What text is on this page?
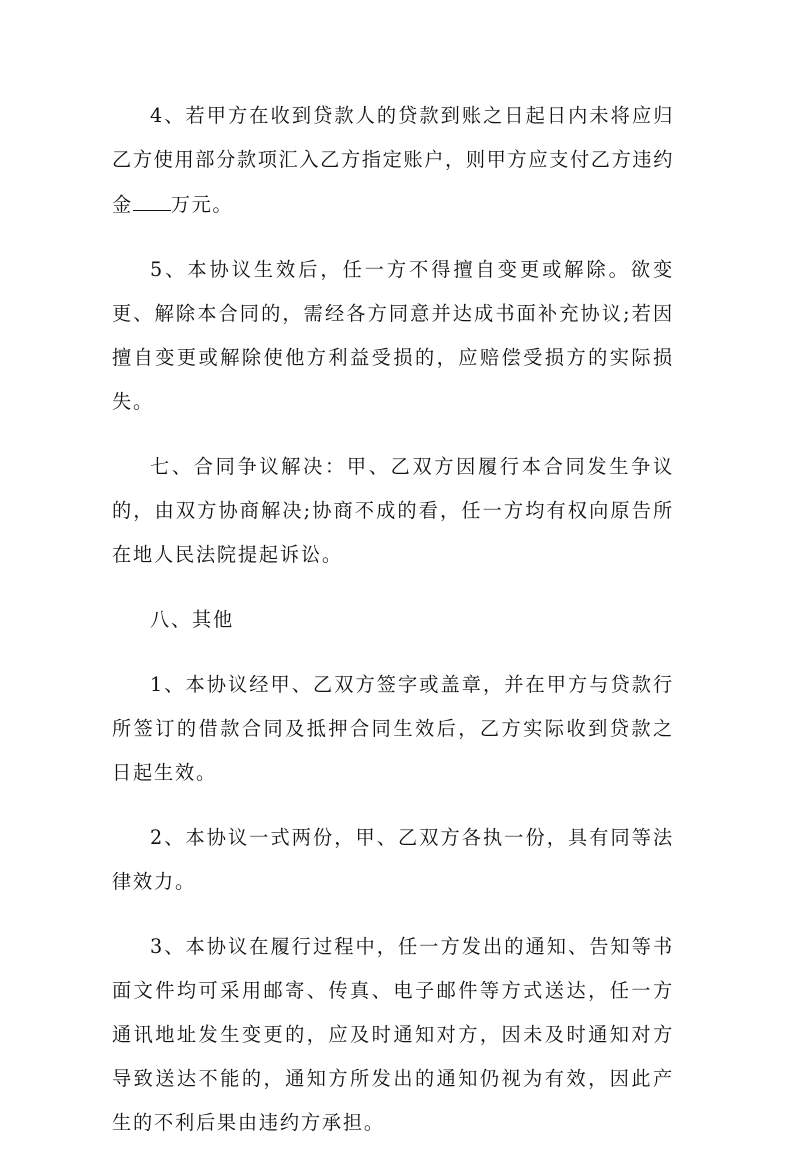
4、若甲方在收到贷款人的贷款到账之日起日内未将应归乙方使用部分款项汇入乙方指定账户，则甲方应支付乙方违约金 万元。

5、本协议生效后，任一方不得擅自变更或解除。欲变更、解除本合同的，需经各方同意并达成书面补充协议;若因擅自变更或解除使他方利益受损的，应赔偿受损方的实际损失。

七、合同争议解决：甲、乙双方因履行本合同发生争议的，由双方协商解决;协商不成的看，任一方均有权向原告所在地人民法院提起诉讼。

八、其他

1、本协议经甲、乙双方签字或盖章，并在甲方与贷款行所签订的借款合同及抵押合同生效后，乙方实际收到贷款之日起生效。

2、本协议一式两份，甲、乙双方各执一份，具有同等法律效力。

3、本协议在履行过程中，任一方发出的通知、告知等书面文件均可采用邮寄、传真、电子邮件等方式送达，任一方通讯地址发生变更的，应及时通知对方，因未及时通知对方导致送达不能的，通知方所发出的通知仍视为有效，因此产生的不利后果由违约方承担。
